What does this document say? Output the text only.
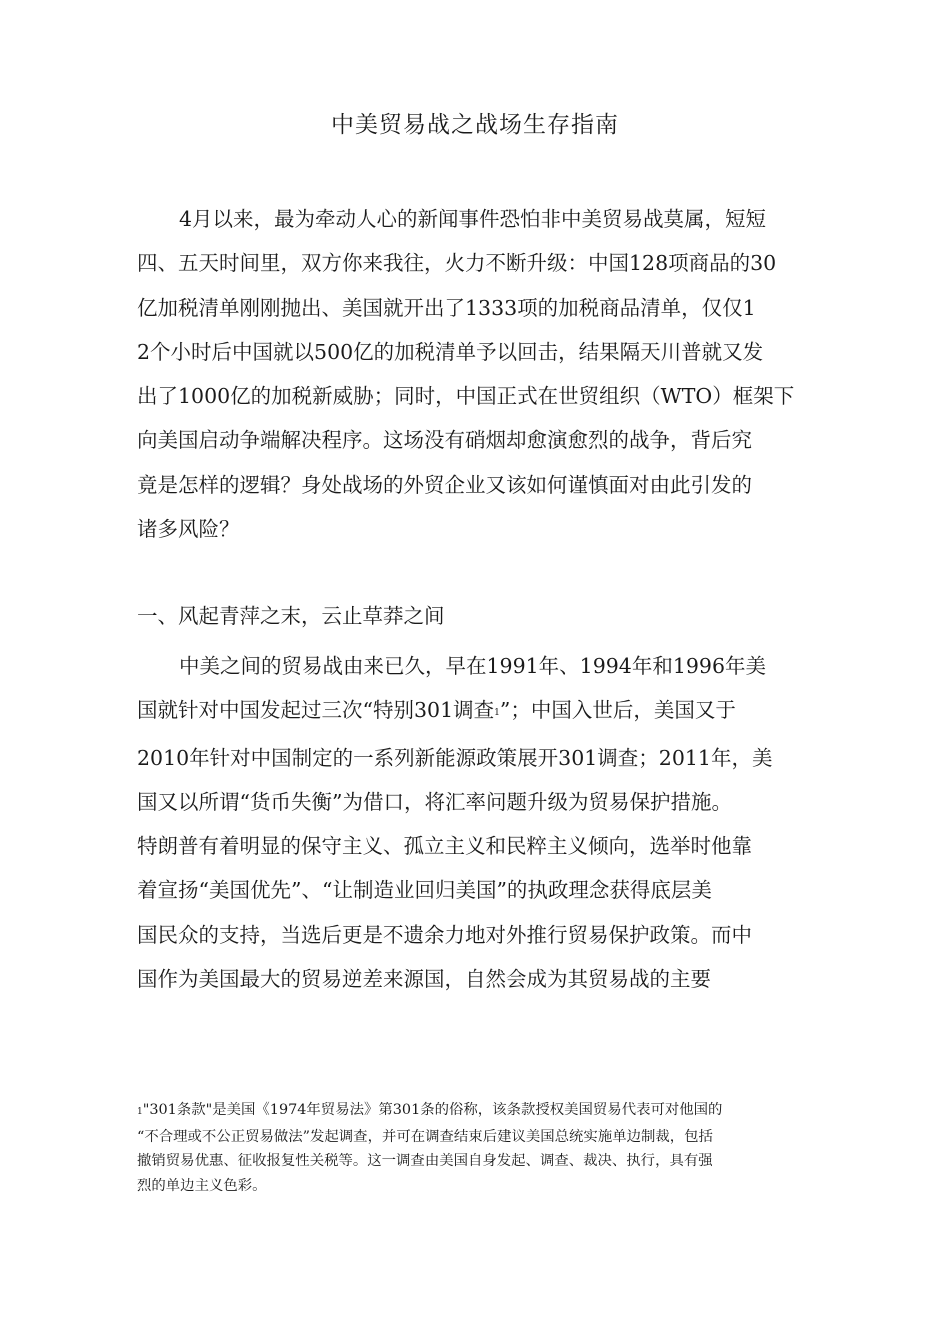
中美贸易战之战场生存指南
4月以来，最为牵动人心的新闻事件恐怕非中美贸易战莫属，短短
四、五天时间里，双方你来我往，火力不断升级：中国128项商品的30
亿加税清单刚刚抛出、美国就开出了1333项的加税商品清单，仅仅1
2个小时后中国就以500亿的加税清单予以回击，结果隔天川普就又发
出了1000亿的加税新威胁；同时，中国正式在世贸组织（WTO）框架下
向美国启动争端解决程序。这场没有硝烟却愈演愈烈的战争，背后究
竟是怎样的逻辑？身处战场的外贸企业又该如何谨慎面对由此引发的
诸多风险？
一、风起青萍之末，云止草莽之间
中美之间的贸易战由来已久，早在1991年、1994年和1996年美
国就针对中国发起过三次“特别301调查$^1$”；中国入世后，美国又于
2010年针对中国制定的一系列新能源政策展开301调查；2011年，美
国又以所谓“货币失衡”为借口，将汇率问题升级为贸易保护措施。
特朗普有着明显的保守主义、孤立主义和民粹主义倾向，选举时他靠
着宣扬“美国优先”、“让制造业回归美国”的执政理念获得底层美
国民众的支持，当选后更是不遗余力地对外推行贸易保护政策。而中
国作为美国最大的贸易逆差来源国，自然会成为其贸易战的主要
1"301条款"是美国《1974年贸易法》第301条的俗称，该条款授权美国贸易代表可对他国的
“不合理或不公正贸易做法”发起调查，并可在调查结束后建议美国总统实施单边制裁，包括
撤销贸易优惠、征收报复性关税等。这一调查由美国自身发起、调查、裁决、执行，具有强
烈的单边主义色彩。
